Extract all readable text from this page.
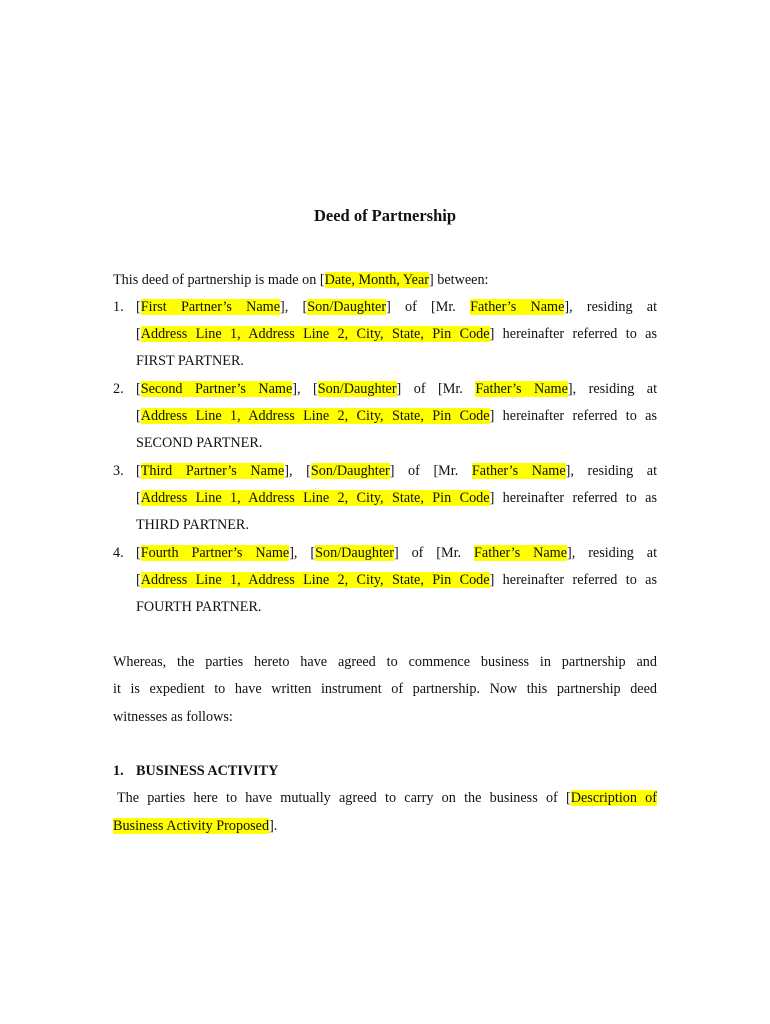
Deed of Partnership
This deed of partnership is made on [Date, Month, Year] between:
1. [First Partner’s Name], [Son/Daughter] of [Mr. Father’s Name], residing at
[Address Line 1, Address Line 2, City, State, Pin Code] hereinafter referred to as
FIRST PARTNER.
2. [Second Partner’s Name], [Son/Daughter] of [Mr. Father’s Name], residing at
[Address Line 1, Address Line 2, City, State, Pin Code] hereinafter referred to as
SECOND PARTNER.
3. [Third Partner’s Name], [Son/Daughter] of [Mr. Father’s Name], residing at
[Address Line 1, Address Line 2, City, State, Pin Code] hereinafter referred to as
THIRD PARTNER.
4. [Fourth Partner’s Name], [Son/Daughter] of [Mr. Father’s Name], residing at
[Address Line 1, Address Line 2, City, State, Pin Code] hereinafter referred to as
FOURTH PARTNER.
Whereas, the parties hereto have agreed to commence business in partnership and
it is expedient to have written instrument of partnership. Now this partnership deed
witnesses as follows:
1. BUSINESS ACTIVITY
The parties here to have mutually agreed to carry on the business of [Description of
Business Activity Proposed].
